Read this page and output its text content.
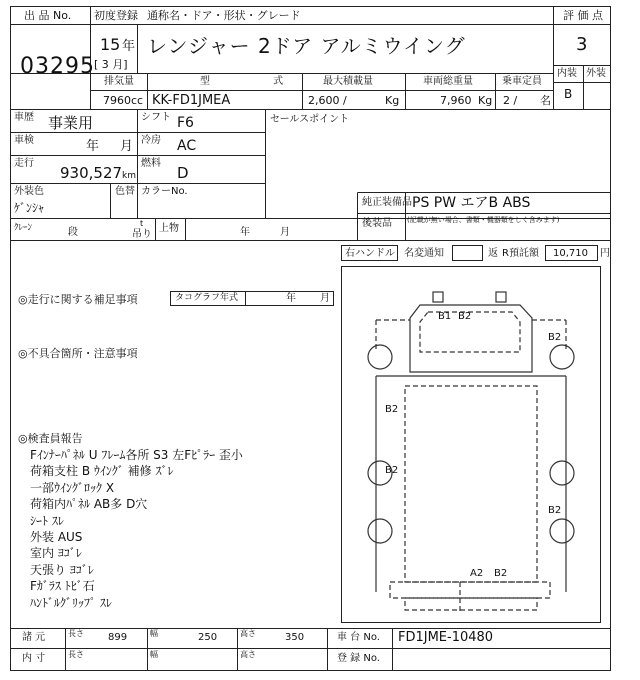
B1 B2
B2
B2
B2
B2
A2 B2
出 品 No.
03295
初度登録 通称名・ドア・形状・グレード
15 年
[ 3 月]
レンジャー 2ドア アルミウイング
評 価 点
3
内装 外装
B
排気量
7960 cc
型 式
KK-FD1JMEA
最大積載量
2,600 /	Kg
車両総重量
7,960 Kg
乗車定員
2 / 名
車歴 事業用	シフト F6
車検	年 月 冷房 AC
走行
930,527 km
燃料
D
外装色
ｹﾞﾝｼｬ
色替 カラーNo.
セールスポイント
純正装備品 PS PW エアB ABS
後装品 (記載が無い場合、書類・機器類をしく含みます)
ｸﾚｰﾝ	段
t
吊り
上物	年	月
右ハンドル 名変通知	返 R預託額 10,710 円
◎走行に関する補足事項	タコグラフ年式	年 月
◎不具合箇所・注意事項
◎検査員報告
Fｲﾝﾅｰﾊﾟﾈﾙ U ﾌﾚｰﾑ各所 S3 左Fﾋﾟﾗｰ 歪小
荷箱支柱 B ｳｲﾝｸﾞ 補修 ｽﾞﾚ
一部ｳｲﾝｸﾞﾛｯｸ X
荷箱内ﾊﾟﾈﾙ AB多 D穴
ｼｰﾄ ｽﾚ
外装 AUS
室内 ﾖｺﾞﾚ
天張り ﾖｺﾞﾚ
Fｶﾞﾗｽ ﾄﾋﾞ石
ﾊﾝﾄﾞﾙｸﾞﾘｯﾌﾟ ｽﾚ
諸 元	長さ 899	幅	250	高さ	350	車 台 No. FD1JME-10480
内 寸	長さ	幅	高さ	登 録 No.
